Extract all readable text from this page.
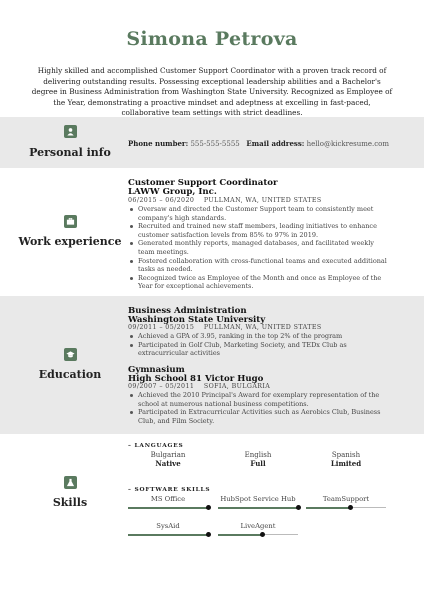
Simona Petrova
Highly skilled and accomplished Customer Support Coordinator with a proven track record of delivering outstanding results. Possessing exceptional leadership abilities and a Bachelor's degree in Business Administration from Washington State University. Recognized as Employee of the Year, demonstrating a proactive mindset and adeptness at excelling in fast-paced, collaborative team settings with strict deadlines.
Personal info
Phone number: 555-555-5555 Email address: hello@kickresume.com
Work experience
Customer Support Coordinator
LAWW Group, Inc.
06/2015 – 06/2020 PULLMAN, WA, UNITED STATES
Oversaw and directed the Customer Support team to consistently meet company's high standards.
Recruited and trained new staff members, leading initiatives to enhance customer satisfaction levels from 85% to 97% in 2019.
Generated monthly reports, managed databases, and facilitated weekly team meetings.
Fostered collaboration with cross-functional teams and executed additional tasks as needed.
Recognized twice as Employee of the Month and once as Employee of the Year for exceptional achievements.
Education
Business Administration
Washington State University
09/2011 – 05/2015 PULLMAN, WA, UNITED STATES
Achieved a GPA of 3.95, ranking in the top 2% of the program
Participated in Golf Club, Marketing Society, and TEDx Club as extracurricular activities
Gymnasium
High School 81 Victor Hugo
09/2007 – 05/2011 SOFIA, BULGARIA
Achieved the 2010 Principal's Award for exemplary representation of the school at numerous national business competitions.
Participated in Extracurricular Activities such as Aerobics Club, Business Club, and Film Society.
Skills
– LANGUAGES
Bulgarian
Native
English
Full
Spanish
Limited
– SOFTWARE SKILLS
MS Office	HubSpot Service Hub	TeamSupport
SysAid	LiveAgent
